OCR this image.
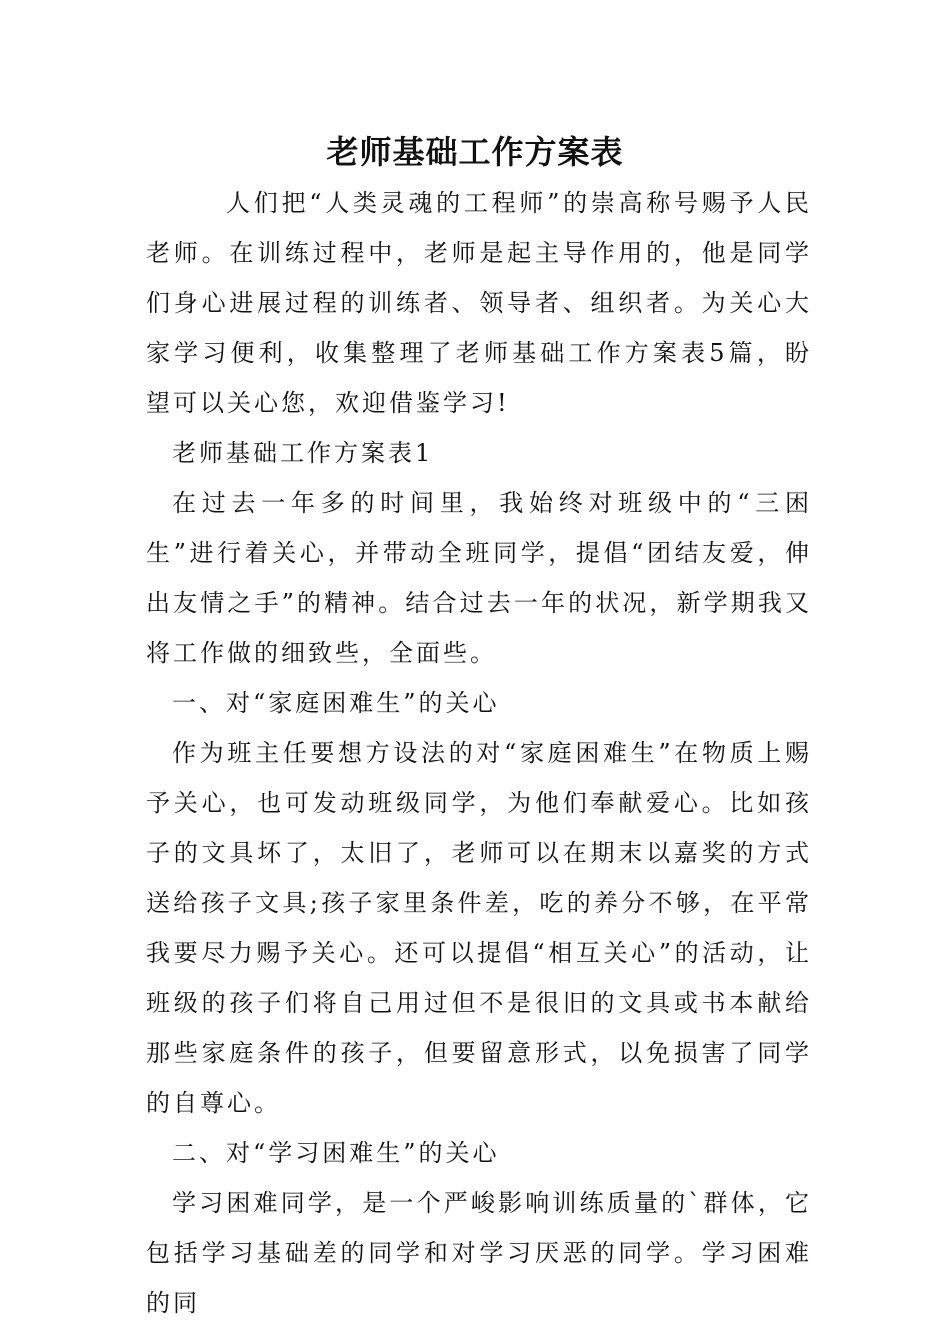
老师基础工作方案表

人们把“人类灵魂的工程师”的崇高称号赐予人民老师。在训练过程中，老师是起主导作用的，他是同学们身心进展过程的训练者、领导者、组织者。为关心大家学习便利，收集整理了老师基础工作方案表5篇，盼望可以关心您，欢迎借鉴学习!

老师基础工作方案表1

在过去一年多的时间里，我始终对班级中的“三困生”进行着关心，并带动全班同学，提倡“团结友爱，伸出友情之手”的精神。结合过去一年的状况，新学期我又将工作做的细致些，全面些。

一、对“家庭困难生”的关心

作为班主任要想方设法的对“家庭困难生”在物质上赐予关心，也可发动班级同学，为他们奉献爱心。比如孩子的文具坏了，太旧了，老师可以在期末以嘉奖的方式送给孩子文具;孩子家里条件差，吃的养分不够，在平常我要尽力赐予关心。还可以提倡“相互关心”的活动，让班级的孩子们将自己用过但不是很旧的文具或书本献给那些家庭条件的孩子，但要留意形式，以免损害了同学的自尊心。

二、对“学习困难生”的关心

学习困难同学，是一个严峻影响训练质量的`群体，它包括学习基础差的同学和对学习厌恶的同学。学习困难的同
